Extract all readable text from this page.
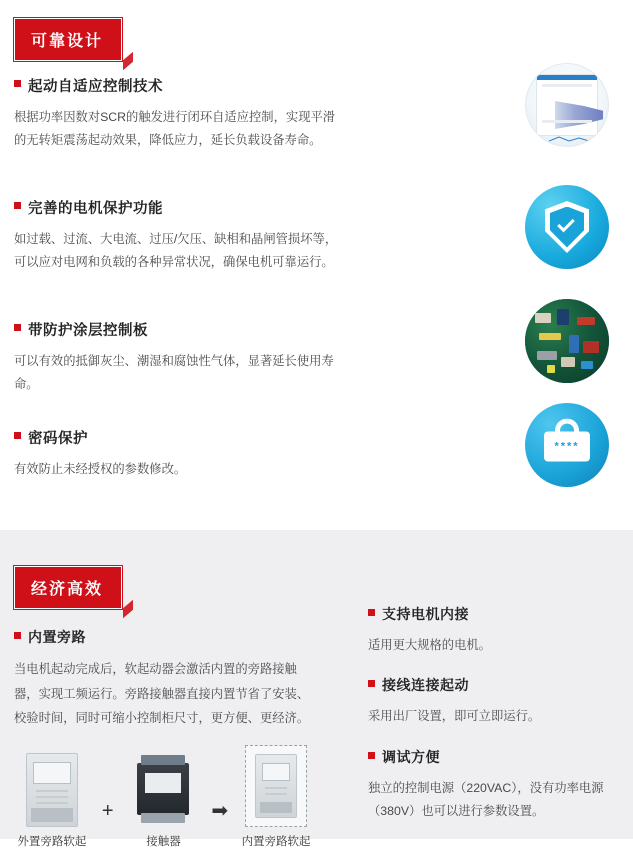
可靠设计
起动自适应控制技术

根据功率因数对SCR的触发进行闭环自适应控制，实现平滑的无转矩震荡起动效果，降低应力，延长负载设备寿命。

完善的电机保护功能

如过载、过流、大电流、过压/欠压、缺相和晶闸管损坏等，可以应对电网和负载的各种异常状况，确保电机可靠运行。

带防护涂层控制板

可以有效的抵御灰尘、潮湿和腐蚀性气体，显著延长使用寿命。

密码保护

有效防止未经授权的参数修改。

****
经济高效
内置旁路

当电机起动完成后，软起动器会激活内置的旁路接触器，实现工频运行。旁路接触器直接内置节省了安装、校验时间，同时可缩小控制柜尺寸，更方便、更经济。

外置旁路软起
+
接触器
➡
内置旁路软起
支持电机内接

适用更大规格的电机。

接线连接起动

采用出厂设置，即可立即运行。

调试方便

独立的控制电源（220VAC），没有功率电源（380V）也可以进行参数设置。
